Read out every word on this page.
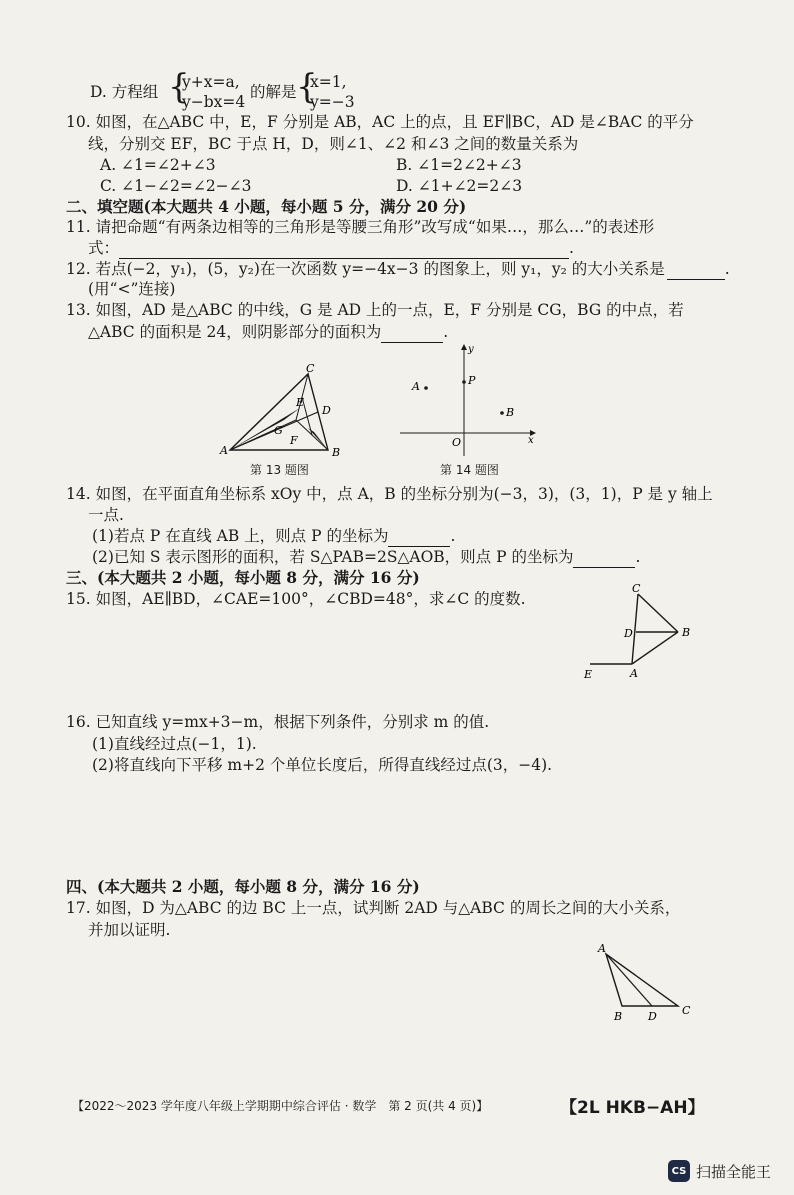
D. 方程组 {
y+x=a,
y−bx=4
的解是 {
x=1,
y=−3
10. 如图，在△ABC 中，E，F 分别是 AB，AC 上的点，且 EF∥BC，AD 是∠BAC 的平分
线，分别交 EF，BC 于点 H，D，则∠1、∠2 和∠3 之间的数量关系为
A. ∠1=∠2+∠3	B. ∠1=2∠2+∠3
C. ∠1−∠2=∠2−∠3	D. ∠1+∠2=2∠3
二、填空题(本大题共 4 小题，每小题 5 分，满分 20 分)
11. 请把命题“有两条边相等的三角形是等腰三角形”改写成“如果…，那么…”的表述形
式：	.
12. 若点(−2，y₁)，(5，y₂)在一次函数 y=−4x−3 的图象上，则 y₁，y₂ 的大小关系是	.
(用“<”连接)
13. 如图，AD 是△ABC 的中线，G 是 AD 上的一点，E，F 分别是 CG，BG 的中点，若
△ABC 的面积是 24，则阴影部分的面积为	.
A	B
C
D
E
F
G
第 13 题图
A
B
P
O	x
y
第 14 题图
14. 如图，在平面直角坐标系 xOy 中，点 A，B 的坐标分别为(−3，3)，(3，1)，P 是 y 轴上
一点.
(1)若点 P 在直线 AB 上，则点 P 的坐标为	.
(2)已知 S 表示图形的面积，若 S△PAB=2S△AOB，则点 P 的坐标为	.
三、(本大题共 2 小题，每小题 8 分，满分 16 分)
15. 如图，AE∥BD，∠CAE=100°，∠CBD=48°，求∠C 的度数.
C
B
D
A
E
16. 已知直线 y=mx+3−m，根据下列条件，分别求 m 的值.
(1)直线经过点(−1，1).
(2)将直线向下平移 m+2 个单位长度后，所得直线经过点(3，−4).
四、(本大题共 2 小题，每小题 8 分，满分 16 分)
17. 如图，D 为△ABC 的边 BC 上一点，试判断 2AD 与△ABC 的周长之间的大小关系，
并加以证明.
A
B D C
【2022～2023 学年度八年级上学期期中综合评估 · 数学　第 2 页(共 4 页)】	【2L HKB−AH】
CS 扫描全能王
